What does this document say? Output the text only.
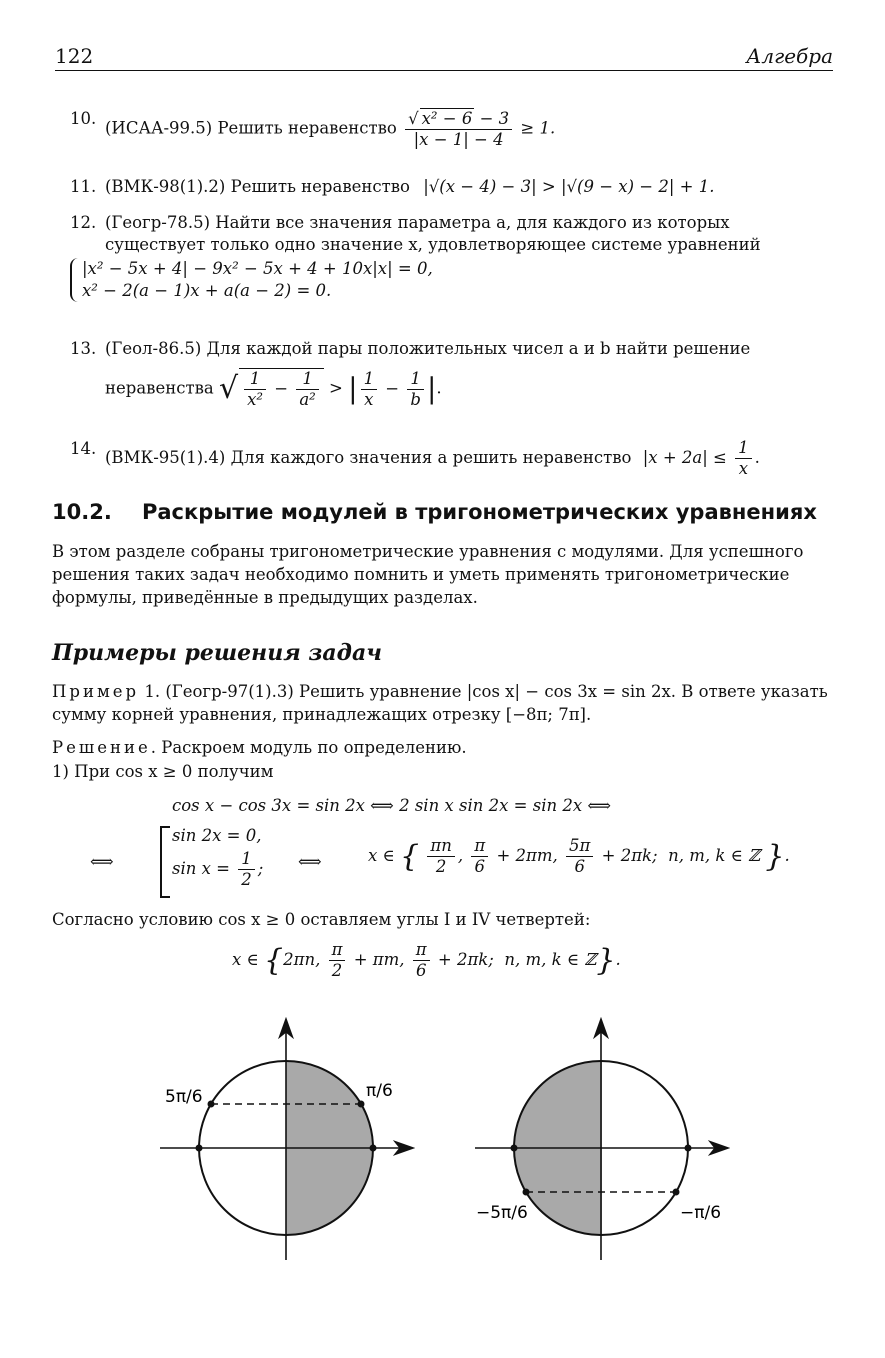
122	Алгебра
10. (ИСАА-99.5) Решить неравенство $\frac{\text{√ x² − 6 − 3}}{|x - 1| - 4} \ge 1$.
11. (ВМК-98(1).2) Решить неравенство |√(x − 4) − 3| > |√(9 − x) − 2| + 1.
12. (Геогр-78.5) Найти все значения параметра a, для каждого из которых существует только одно значение x, удовлетворяющее системе уравнений
|x² − 5x + 4| − 9x² − 5x + 4 + 10x|x| = 0,
x² − 2(a − 1)x + a(a − 2) = 0.
13. (Геол-86.5) Для каждой пары положительных чисел a и b найти решение
неравенства √ $\frac{1}{\text{x²}} - \frac{1}{\text{a²}}$ > | $\frac{1}{x} - \frac{1}{b}$ |.
14. (ВМК-95(1).4) Для каждого значения a решить неравенство $|x + 2a| \le \frac{1}{x}$ .
10.2. Раскрытие модулей в тригонометрических уравнениях
В этом разделе собраны тригонометрические уравнения с модулями. Для успешного решения таких задач необходимо помнить и уметь применять тригонометрические формулы, приведённые в предыдущих разделах.
Примеры решения задач
Пример 1. (Геогр-97(1).3) Решить уравнение |cos x| − cos 3x = sin 2x. В ответе указать сумму корней уравнения, принадлежащих отрезку [−8π; 7π].
Решение. Раскроем модуль по определению.
1) При cos x ≥ 0 получим
cos x − cos 3x = sin 2x ⟺ 2 sin x sin 2x = sin 2x ⟺
⟺
sin 2x = 0,
$\sin x = \frac{1}{2}$ ; ⟺	x ∈ { $\frac{\pi n}{2}$ , $\frac{\pi}{6} + 2\pi m$, $\frac{5\pi}{6} + 2\pi k$; n, m, k ∈ ℤ }.
Согласно условию cos x ≥ 0 оставляем углы I и IV четвертей:
x ∈ {2πn, $\frac{\pi}{2} + \pi m$, $\frac{\pi}{6} + 2\pi k$; n, m, k ∈ ℤ}.
5π/6	π/6
−5π/6	−π/6
